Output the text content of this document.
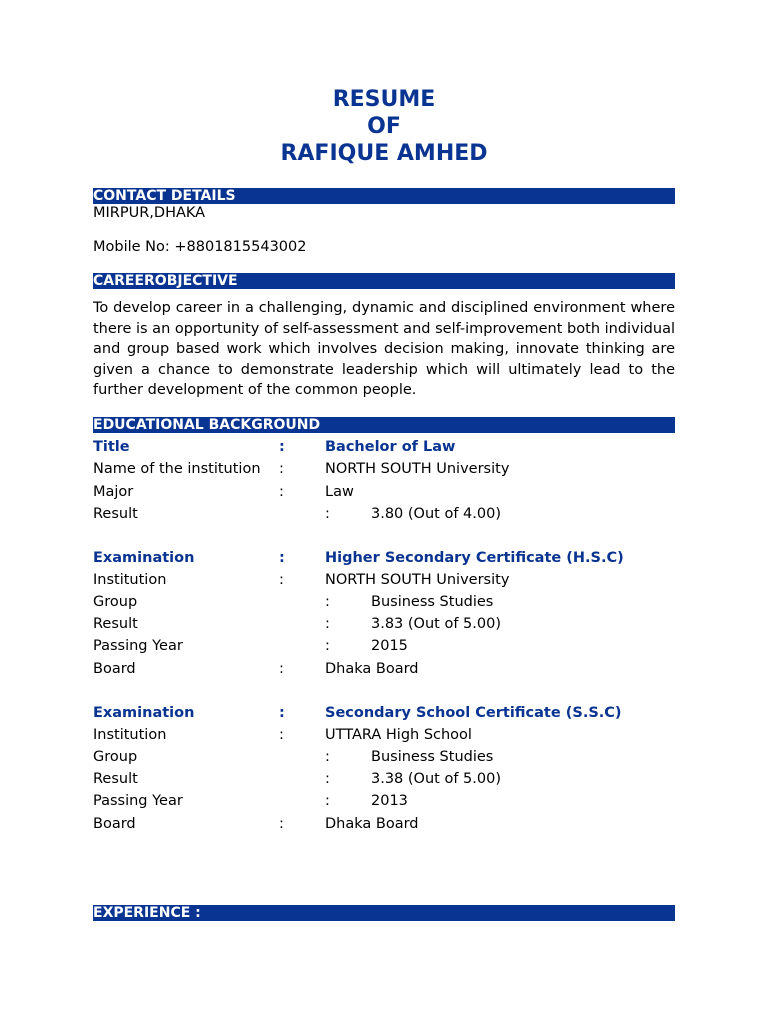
RESUME
OF
RAFIQUE AMHED
CONTACT DETAILS
MIRPUR,DHAKA
Mobile No: +8801815543002
CAREEROBJECTIVE
To develop career in a challenging, dynamic and disciplined environment where there is an opportunity of self-assessment and self-improvement both individual and group based work which involves decision making, innovate thinking are given a chance to demonstrate leadership which will ultimately lead to the further development of the common people.
EDUCATIONAL BACKGROUND
Title	:	Bachelor of Law
Name of the institution :	NORTH SOUTH University
Major	:	Law
Result	:	3.80 (Out of 4.00)
Examination	:	Higher Secondary Certificate (H.S.C)
Institution	:	NORTH SOUTH University
Group	:	Business Studies
Result	:	3.83 (Out of 5.00)
Passing Year	:	2015
Board	:	Dhaka Board
Examination	:	Secondary School Certificate (S.S.C)
Institution	:	UTTARA High School
Group	:	Business Studies
Result	:	3.38 (Out of 5.00)
Passing Year	:	2013
Board	:	Dhaka Board
EXPERIENCE :
